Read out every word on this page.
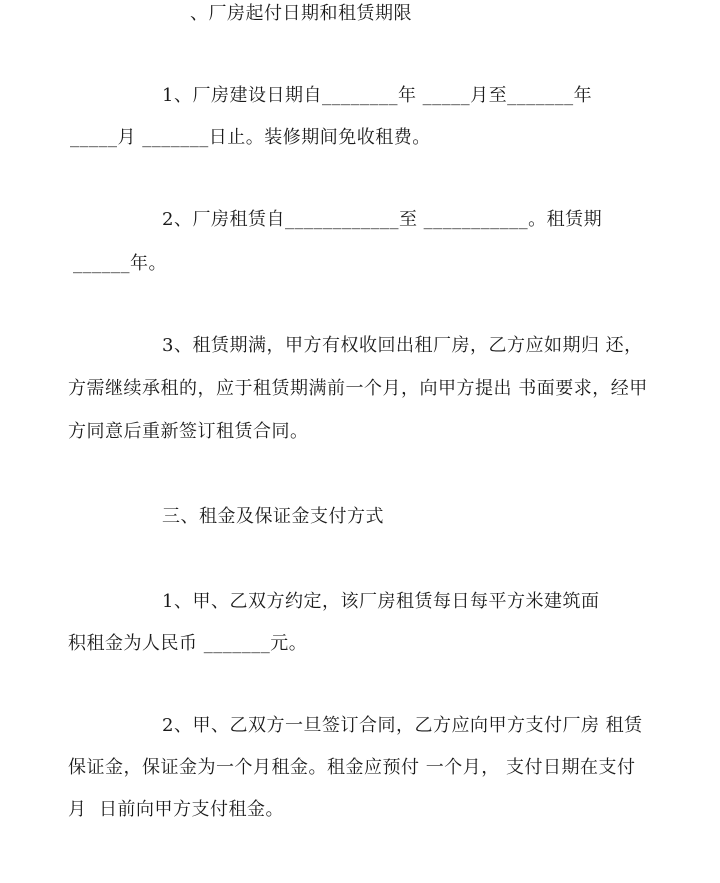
、厂房起付日期和租赁期限
1、厂房建设日期自________年 _____月至_______年
_____月 _______日止。装修期间免收租费。
2、厂房租赁自____________至 ___________。租赁期
______年。
3、租赁期满，甲方有权收回出租厂房，乙方应如期归 还，
方需继续承租的，应于租赁期满前一个月，向甲方提出 书面要求，经甲
方同意后重新签订租赁合同。
三、租金及保证金支付方式
1、甲、乙双方约定，该厂房租赁每日每平方米建筑面
积租金为人民币 _______元。
2、甲、乙双方一旦签订合同，乙方应向甲方支付厂房 租赁
保证金，保证金为一个月租金。租金应预付 一个月， 支付日期在支付
月  日前向甲方支付租金。
